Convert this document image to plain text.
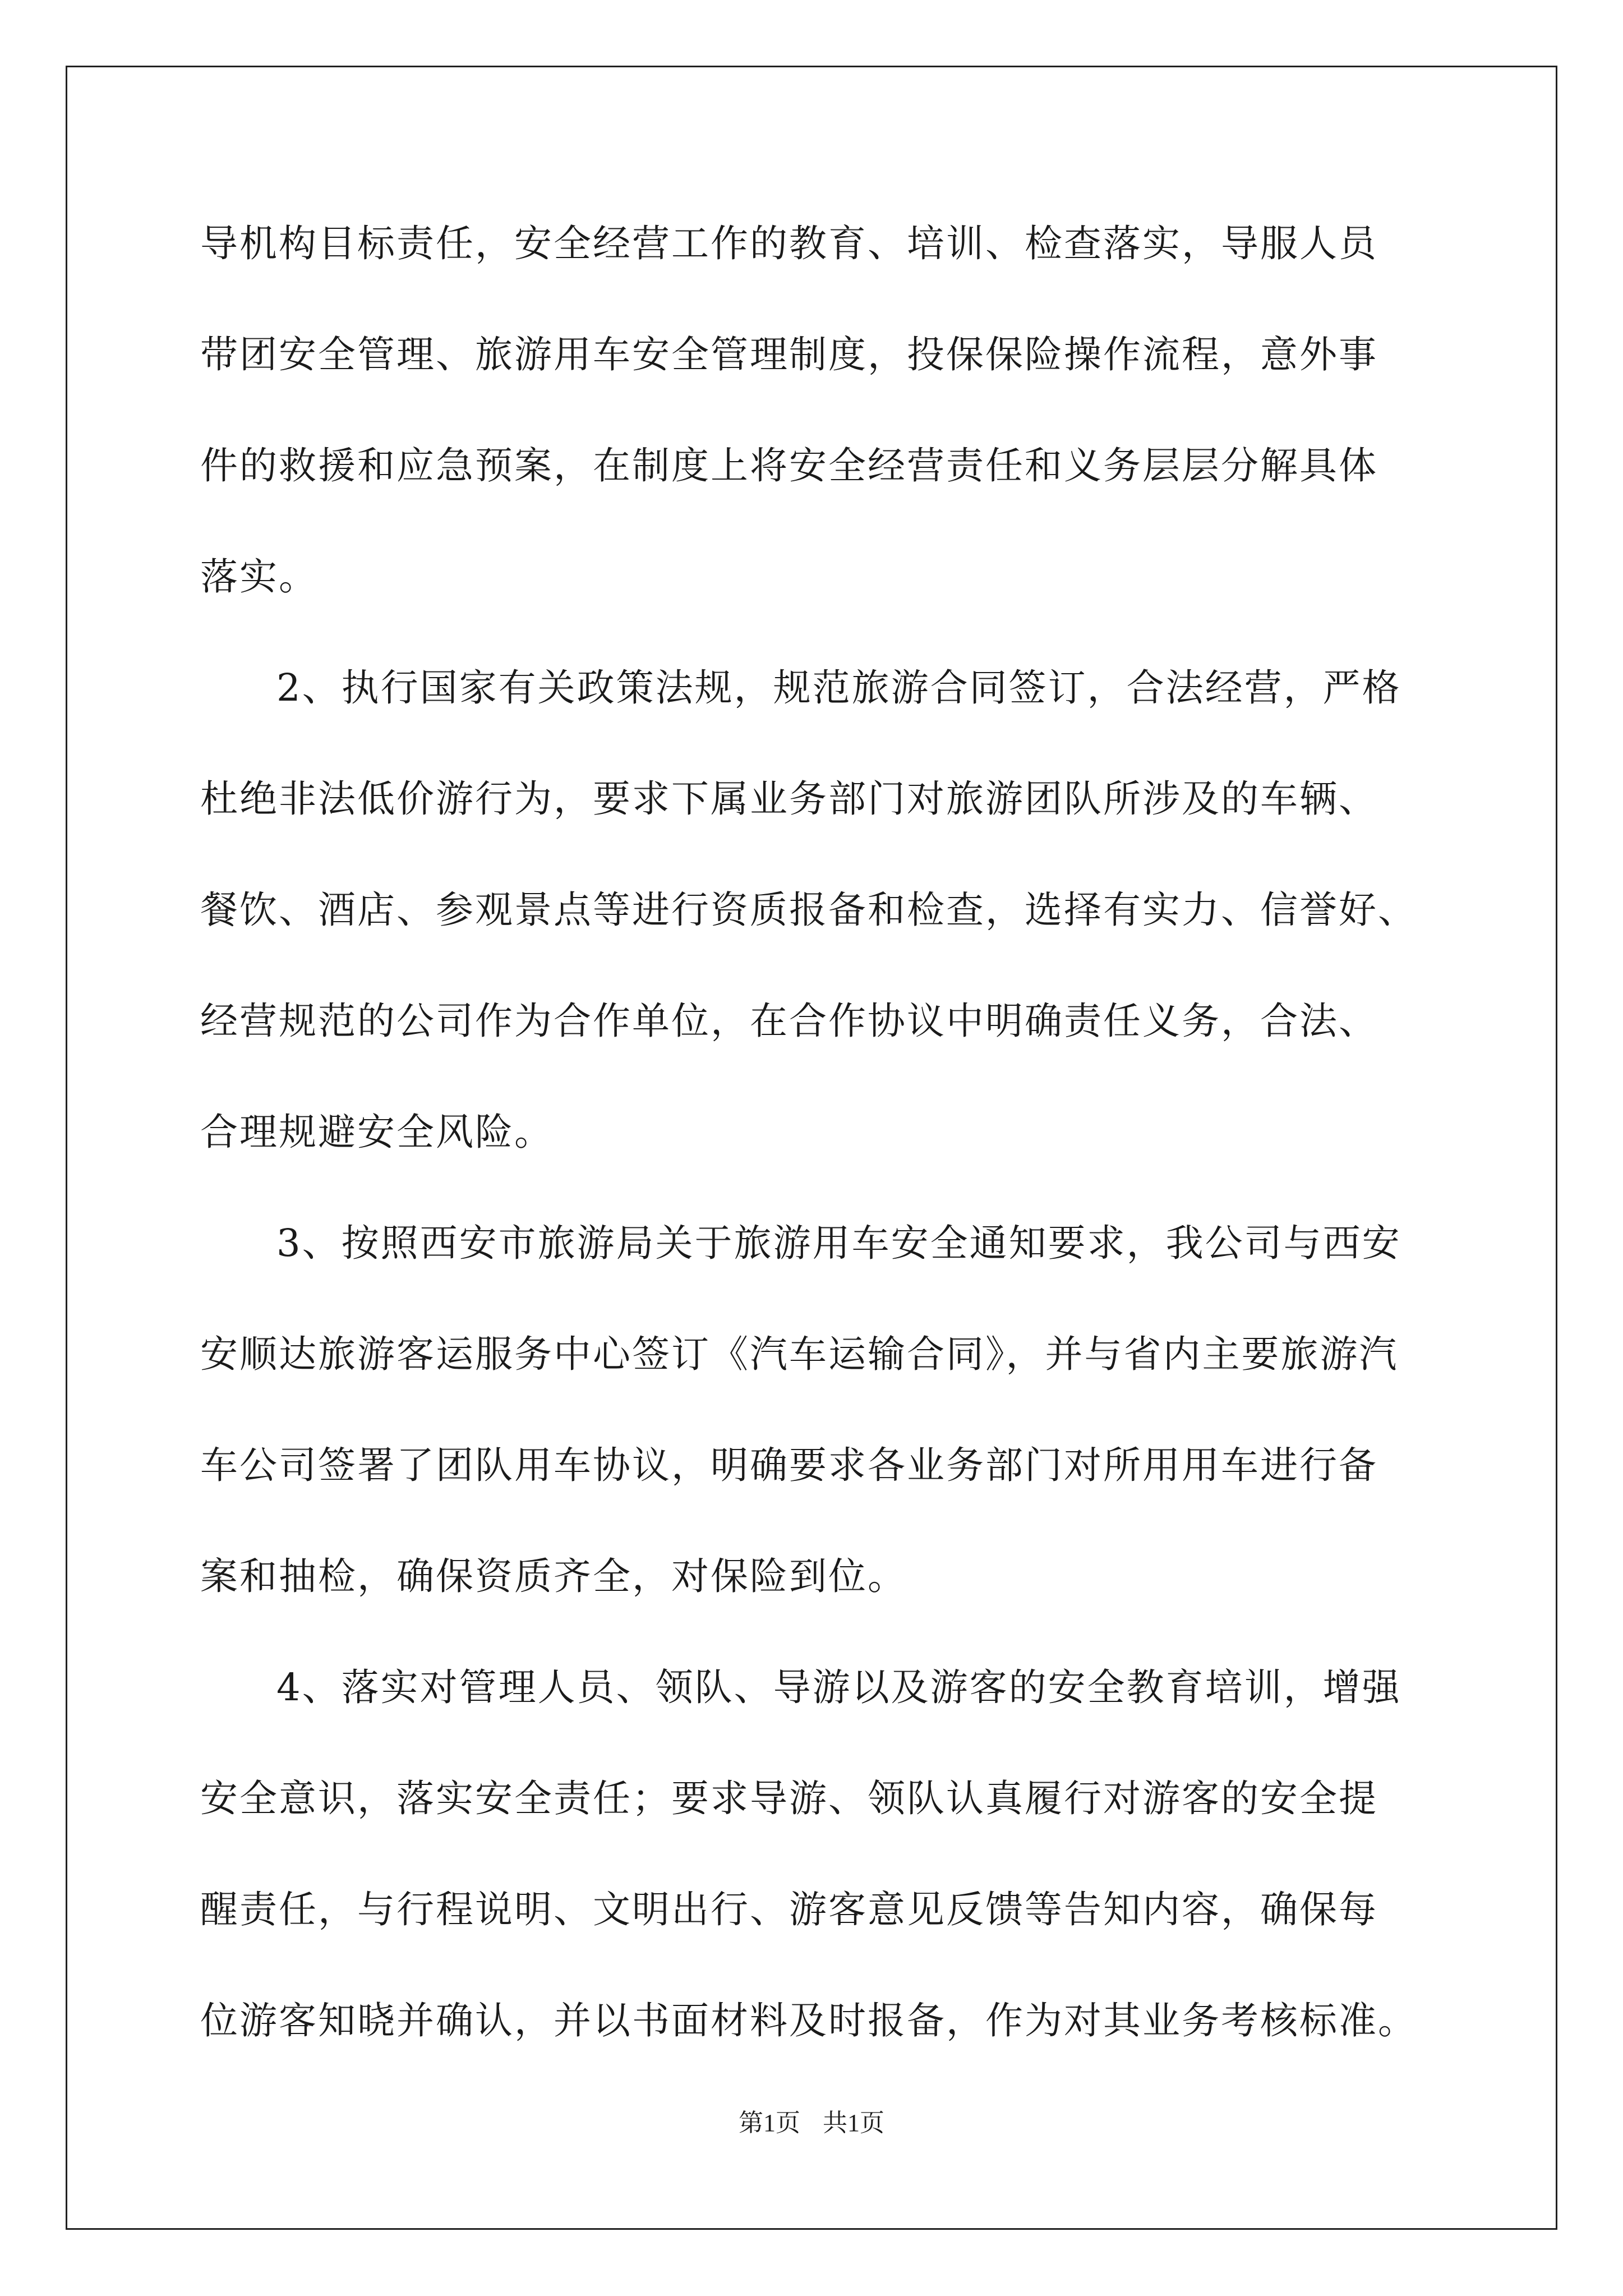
导机构目标责任，安全经营工作的教育、培训、检查落实，导服人员
带团安全管理、旅游用车安全管理制度，投保保险操作流程，意外事
件的救援和应急预案，在制度上将安全经营责任和义务层层分解具体
落实。
2、执行国家有关政策法规，规范旅游合同签订，合法经营，严格
杜绝非法低价游行为，要求下属业务部门对旅游团队所涉及的车辆、
餐饮、酒店、参观景点等进行资质报备和检查，选择有实力、信誉好、
经营规范的公司作为合作单位，在合作协议中明确责任义务，合法、
合理规避安全风险。
3、按照西安市旅游局关于旅游用车安全通知要求，我公司与西安
安顺达旅游客运服务中心签订《汽车运输合同》，并与省内主要旅游汽
车公司签署了团队用车协议，明确要求各业务部门对所用用车进行备
案和抽检，确保资质齐全，对保险到位。
4、落实对管理人员、领队、导游以及游客的安全教育培训，增强
安全意识，落实安全责任；要求导游、领队认真履行对游客的安全提
醒责任，与行程说明、文明出行、游客意见反馈等告知内容，确保每
位游客知晓并确认，并以书面材料及时报备，作为对其业务考核标准。
第1页 共1页
